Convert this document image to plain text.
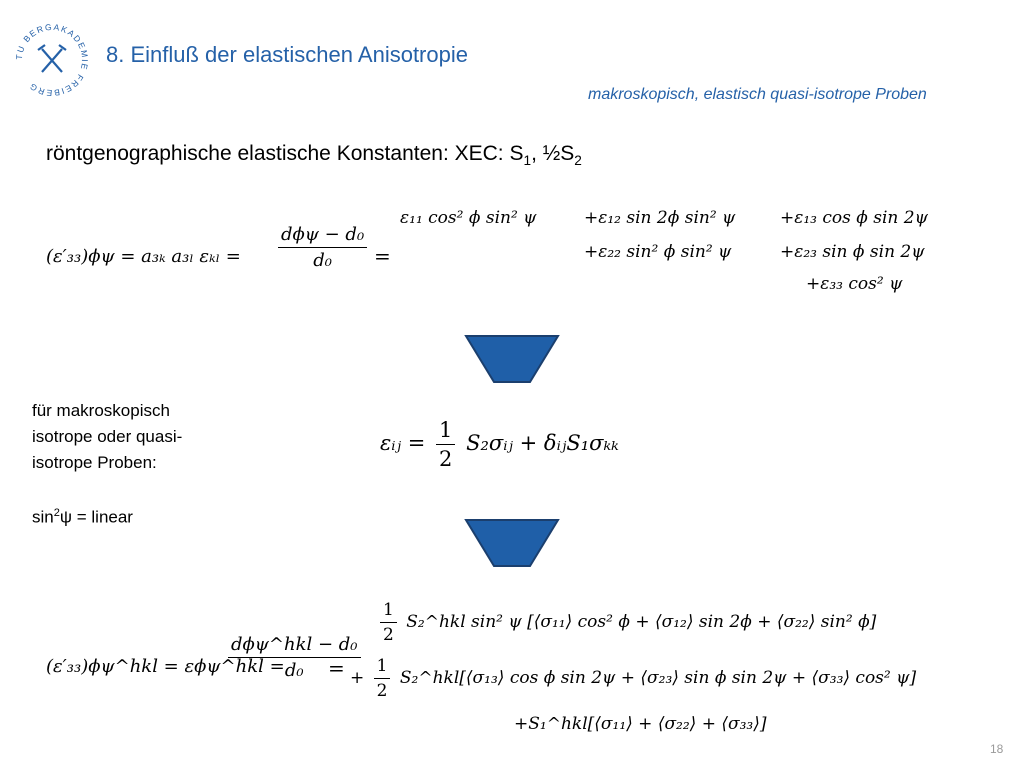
TU BERGAKADEMIE FREIBERG
8. Einfluß der elastischen Anisotropie
makroskopisch, elastisch quasi-isotrope Proben
röntgenographische elastische Konstanten: XEC: $S_1$, $\frac{1}{2}S_2$
(ε′₃₃)ϕψ = a₃ₖ a₃ₗ $\varepsilon_{kl} = \frac{\text{dϕψ − d₀}}{\text{d₀}}$ =
ε₁₁ cos² ϕ sin² ψ	+ε₁₂ sin 2ϕ sin² ψ	+ε₁₃ cos ϕ sin 2ψ
+ε₂₂ sin² ϕ sin² ψ	+ε₂₃ sin ϕ sin 2ψ
+ε₃₃ cos² ψ
für makroskopisch
isotrope oder quasi-
isotrope Proben:
$\sin^2\psi$ = linear
εᵢⱼ = $\frac{1}{2}$ S₂σᵢⱼ + δᵢⱼS₁σₖₖ
(ε′₃₃)ϕψ^hkl = εϕψ^hkl =
$\frac{\text{dϕψ\textasciicircum{}hkl − d₀}}{\text{d₀}}$
=
$\frac{1}{2}$ S₂^hkl sin² ψ [⟨σ₁₁⟩ cos² ϕ + ⟨σ₁₂⟩ sin 2ϕ + ⟨σ₂₂⟩ sin² ϕ]
+ $\frac{1}{2}$ S₂^hkl[⟨σ₁₃⟩ cos ϕ sin 2ψ + ⟨σ₂₃⟩ sin ϕ sin 2ψ + ⟨σ₃₃⟩ cos² ψ]
+S₁^hkl[⟨σ₁₁⟩ + ⟨σ₂₂⟩ + ⟨σ₃₃⟩]
18
